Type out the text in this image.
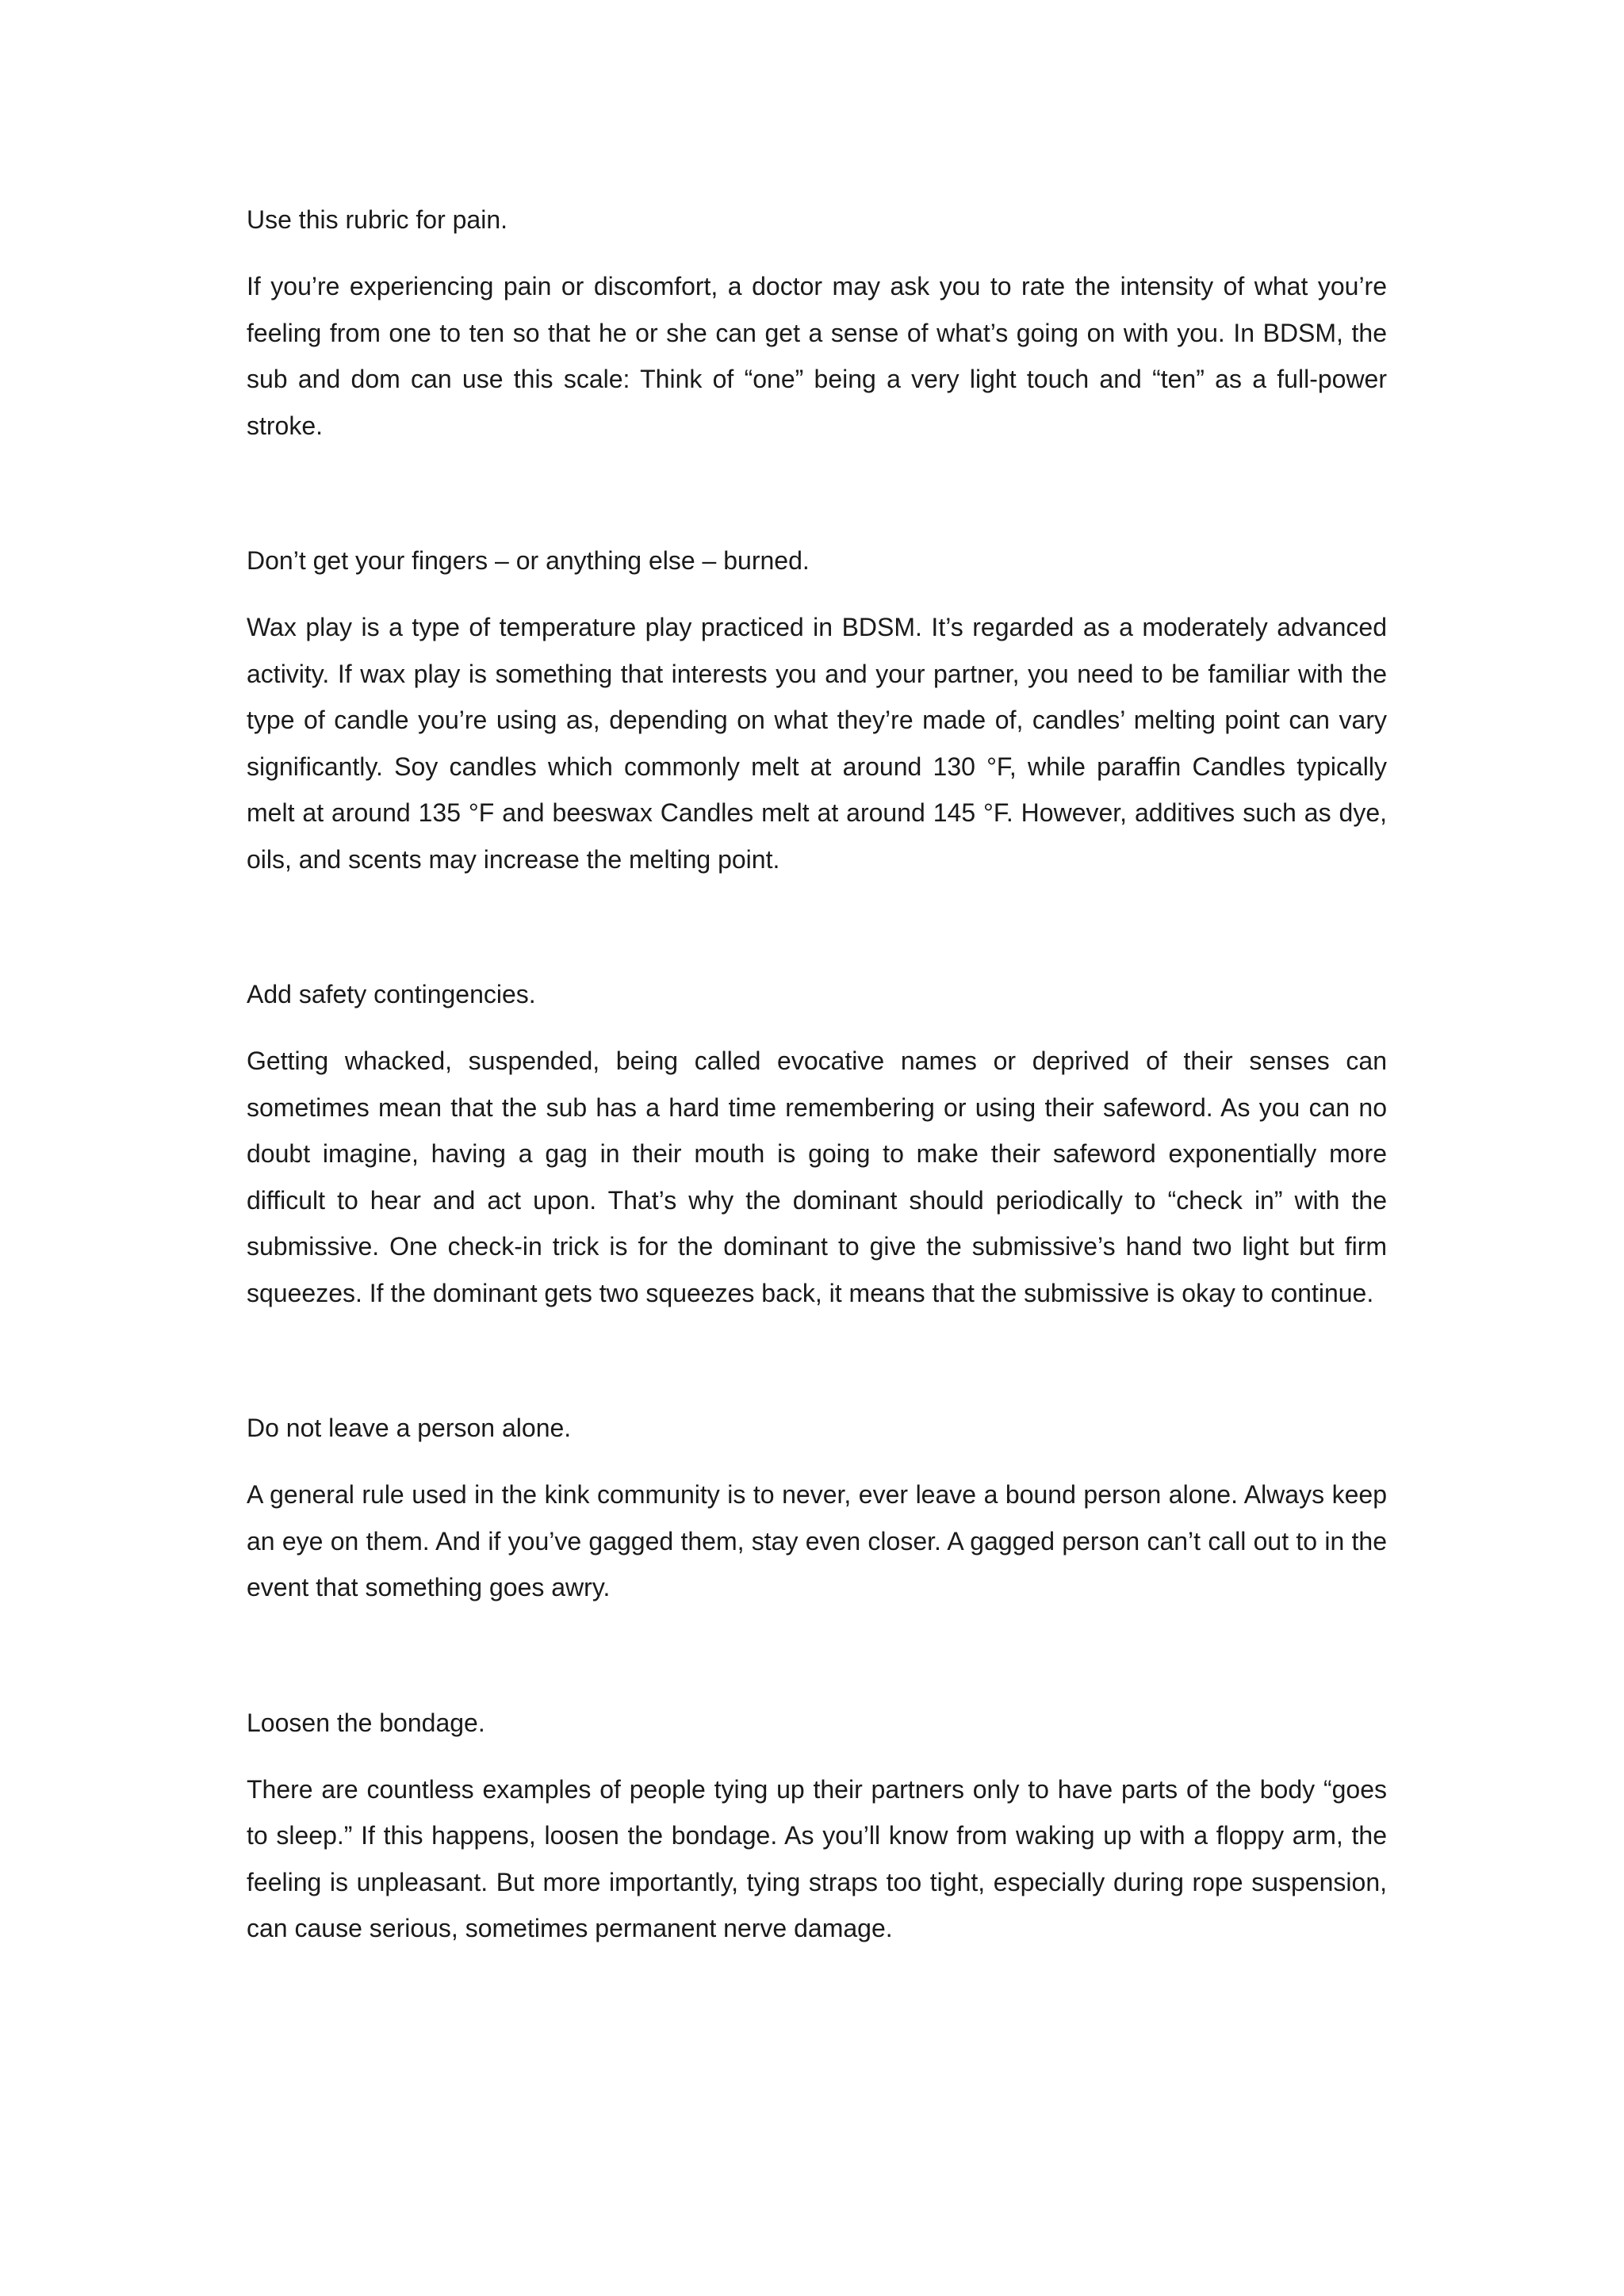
Use this rubric for pain.

If you’re experiencing pain or discomfort, a doctor may ask you to rate the intensity of what you’re feeling from one to ten so that he or she can get a sense of what’s going on with you. In BDSM, the sub and dom can use this scale: Think of “one” being a very light touch and “ten” as a full-power stroke.

Don’t get your fingers – or anything else – burned.

Wax play is a type of temperature play practiced in BDSM. It’s regarded as a moderately advanced activity. If wax play is something that interests you and your partner, you need to be familiar with the type of candle you’re using as, depending on what they’re made of, candles’ melting point can vary significantly. Soy candles which commonly melt at around 130 °F, while paraffin Candles typically melt at around 135 °F and beeswax Candles melt at around 145 °F. However, additives such as dye, oils, and scents may increase the melting point.

Add safety contingencies.

Getting whacked, suspended, being called evocative names or deprived of their senses can sometimes mean that the sub has a hard time remembering or using their safeword. As you can no doubt imagine, having a gag in their mouth is going to make their safeword exponentially more difficult to hear and act upon. That’s why the dominant should periodically to “check in” with the submissive. One check-in trick is for the dominant to give the submissive’s hand two light but firm squeezes. If the dominant gets two squeezes back, it means that the submissive is okay to continue.

Do not leave a person alone.

A general rule used in the kink community is to never, ever leave a bound person alone. Always keep an eye on them. And if you’ve gagged them, stay even closer. A gagged person can’t call out to in the event that something goes awry.

Loosen the bondage.

There are countless examples of people tying up their partners only to have parts of the body “goes to sleep.” If this happens, loosen the bondage. As you’ll know from waking up with a floppy arm, the feeling is unpleasant. But more importantly, tying straps too tight, especially during rope suspension, can cause serious, sometimes permanent nerve damage.
